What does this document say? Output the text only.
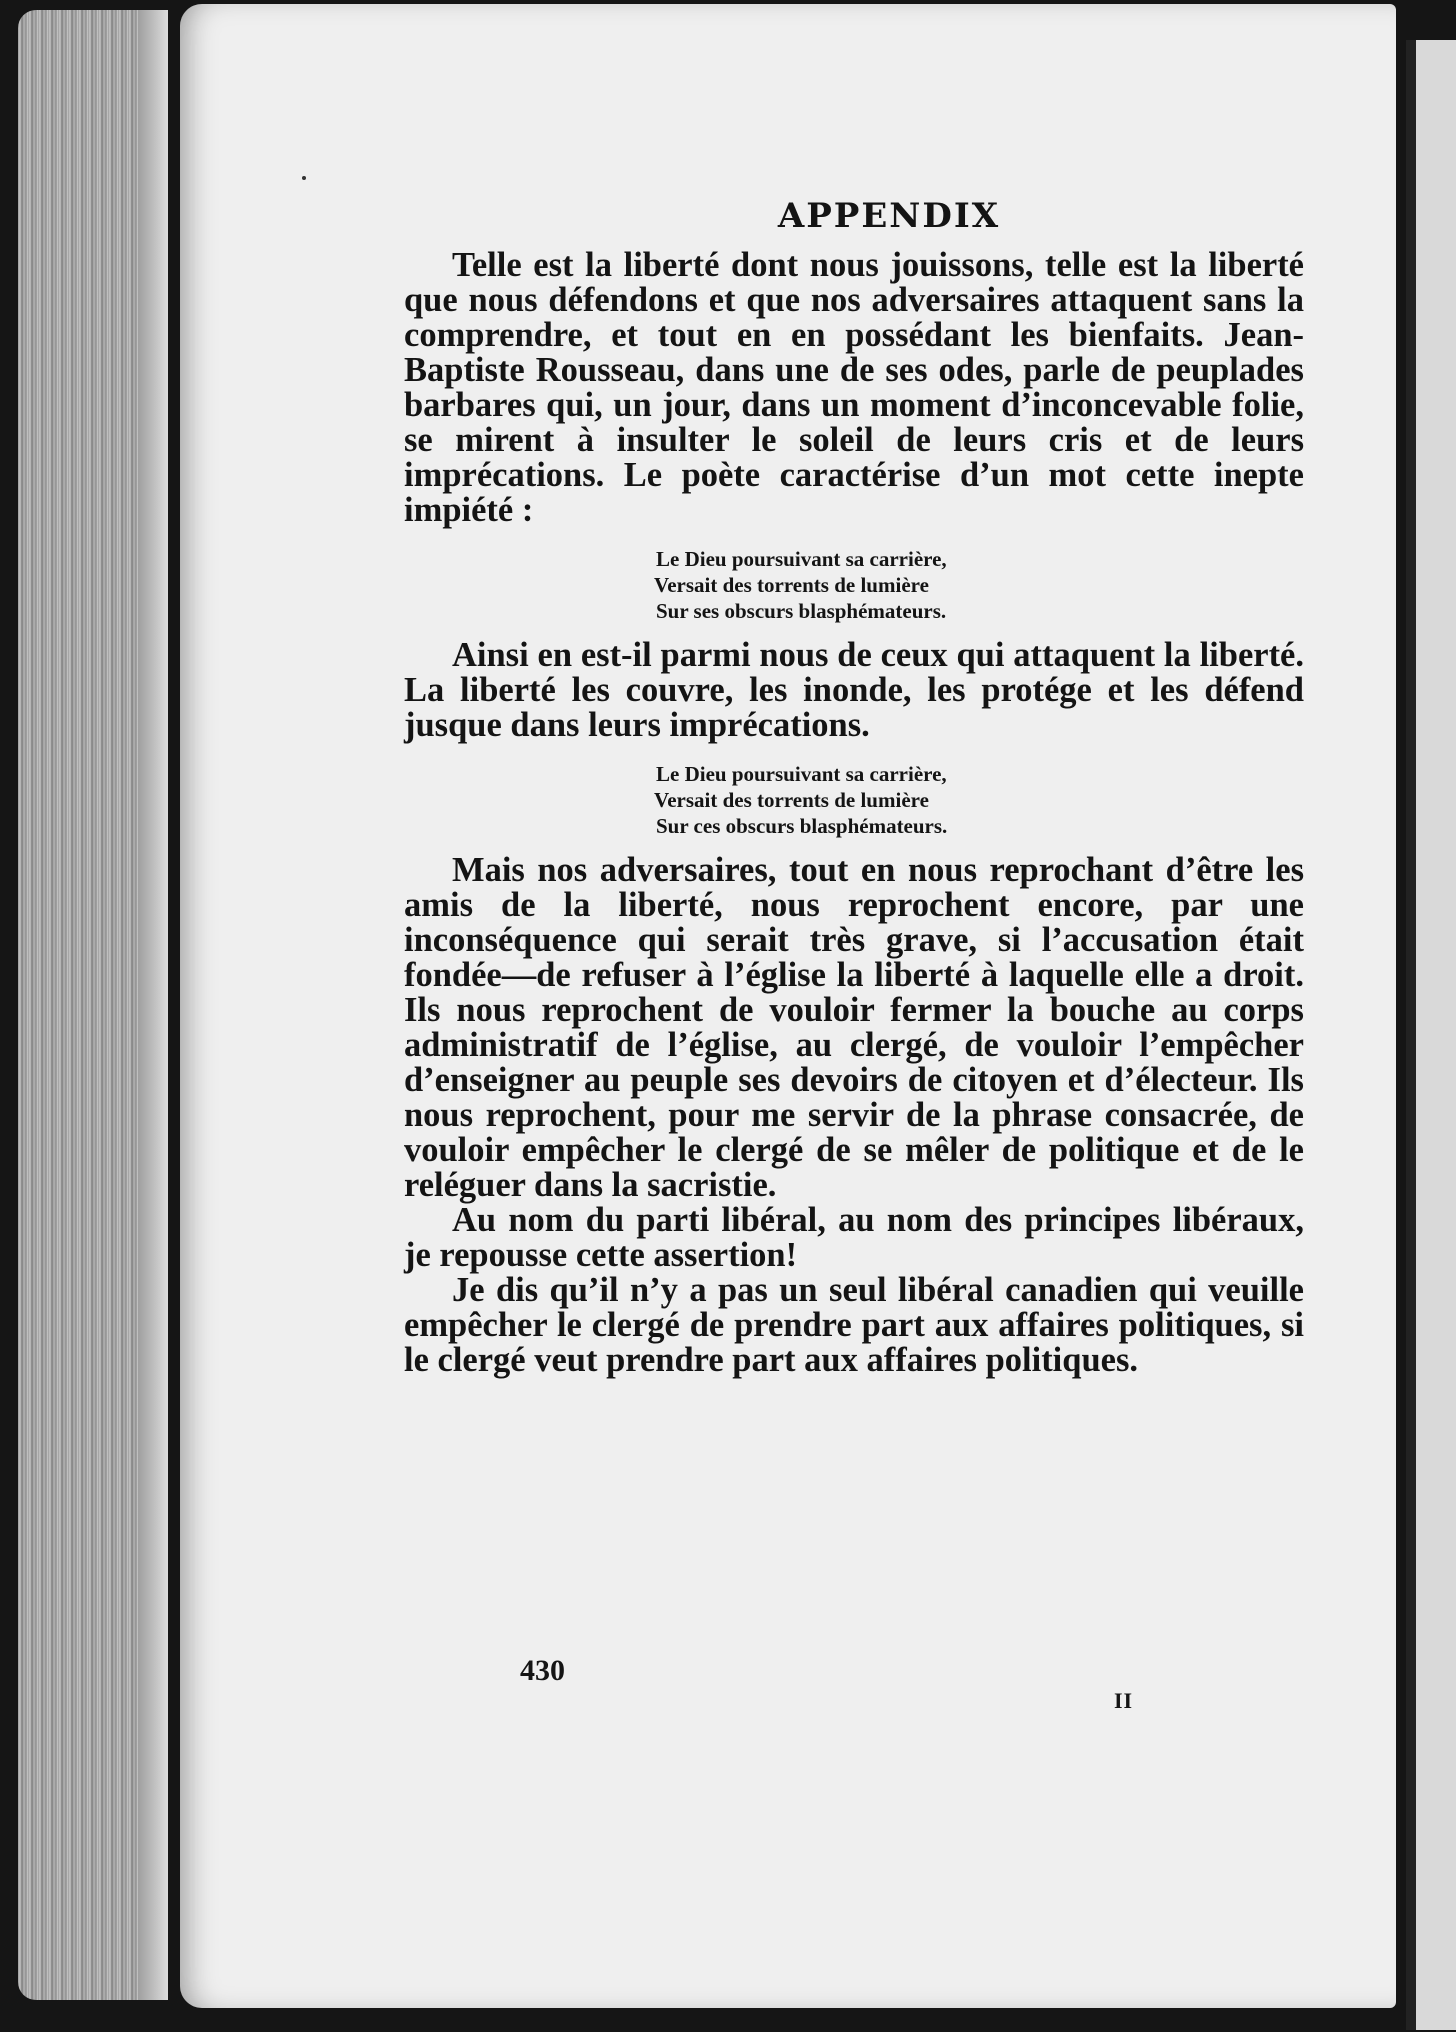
APPENDIX

Telle est la liberté dont nous jouissons, telle est la liberté que nous défendons et que nos adversaires attaquent sans la comprendre, et tout en en possédant les bienfaits. Jean-Baptiste Rousseau, dans une de ses odes, parle de peuplades barbares qui, un jour, dans un moment d’inconcevable folie, se mirent à insulter le soleil de leurs cris et de leurs imprécations. Le poète caractérise d’un mot cette inepte impiété :

Le Dieu poursuivant sa carrière,
Versait des torrents de lumière
Sur ses obscurs blasphémateurs.

Ainsi en est-il parmi nous de ceux qui attaquent la liberté. La liberté les couvre, les inonde, les protége et les défend jusque dans leurs imprécations.

Le Dieu poursuivant sa carrière,
Versait des torrents de lumière
Sur ces obscurs blasphémateurs.

Mais nos adversaires, tout en nous reprochant d’être les amis de la liberté, nous reprochent encore, par une inconséquence qui serait très grave, si l’accusation était fondée—de refuser à l’église la liberté à laquelle elle a droit. Ils nous reprochent de vouloir fermer la bouche au corps administratif de l’église, au clergé, de vouloir l’empêcher d’enseigner au peuple ses devoirs de citoyen et d’électeur. Ils nous reprochent, pour me servir de la phrase consacrée, de vouloir empêcher le clergé de se mêler de politique et de le reléguer dans la sacristie.

Au nom du parti libéral, au nom des principes libéraux, je repousse cette assertion!

Je dis qu’il n’y a pas un seul libéral canadien qui veuille empêcher le clergé de prendre part aux affaires politiques, si le clergé veut prendre part aux affaires politiques.

430
II
